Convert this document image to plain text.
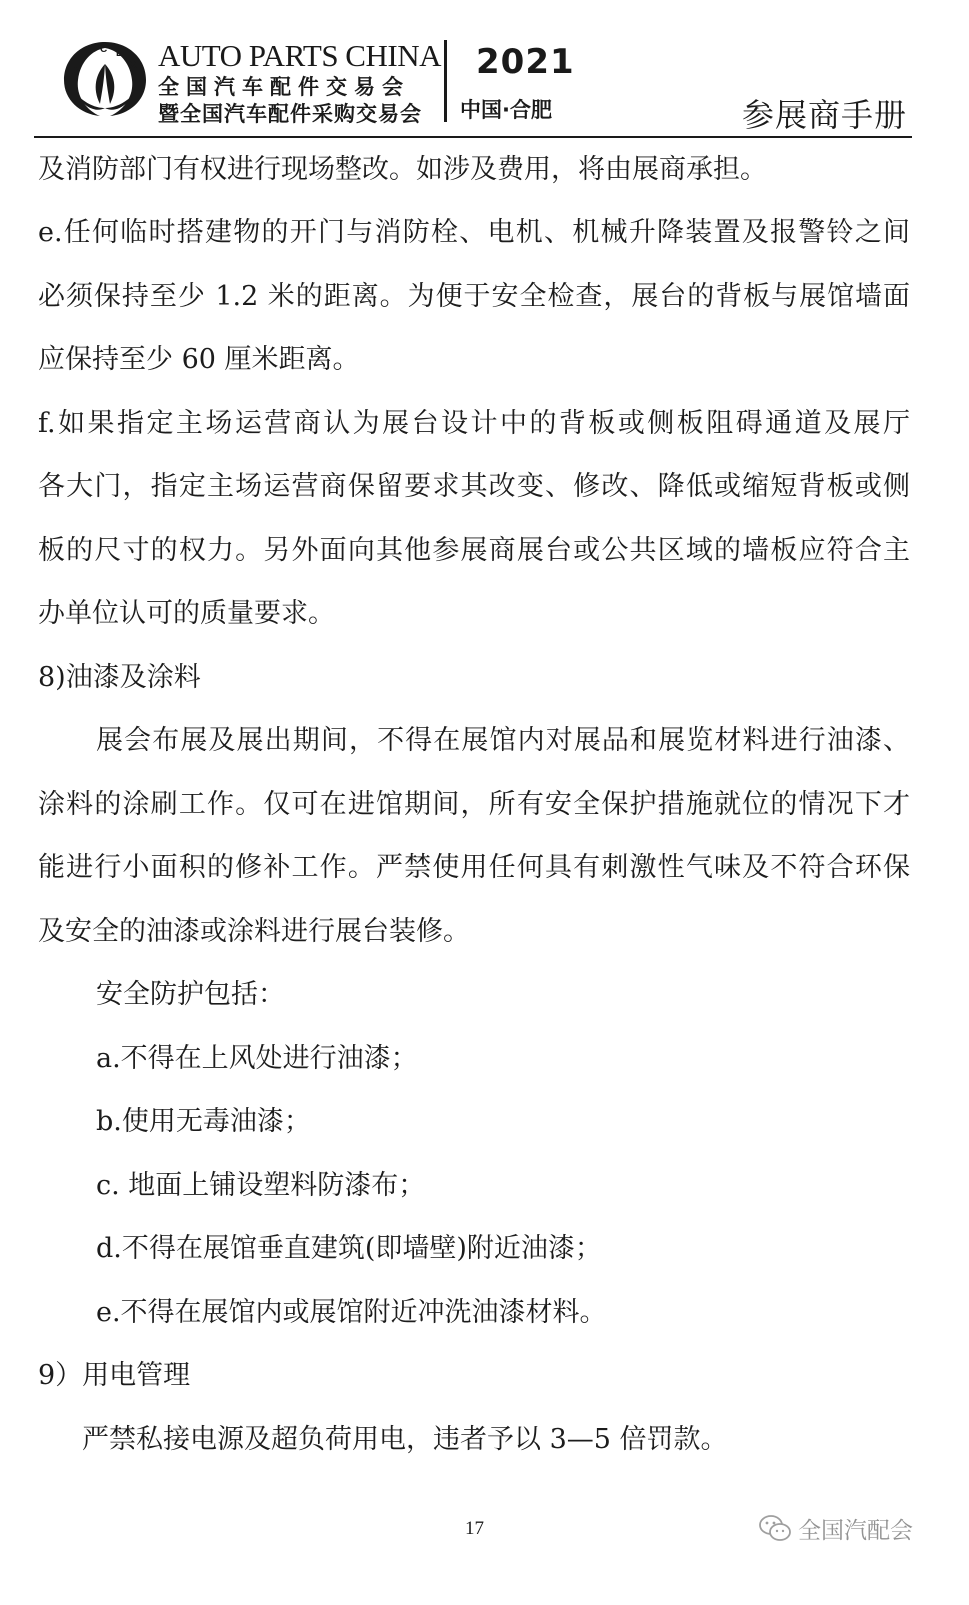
A
P
C E
X AUTO PARTS CHINA
全国汽车配件交易会
暨全国汽车配件采购交易会
2021
中国·合肥	参展商手册
及消防部门有权进行现场整改。如涉及费用，将由展商承担。
e.任何临时搭建物的开门与消防栓、电机、机械升降装置及报警铃之间
必须保持至少 1.2 米的距离。为便于安全检查，展台的背板与展馆墙面
应保持至少 60 厘米距离。
f.如果指定主场运营商认为展台设计中的背板或侧板阻碍通道及展厅
各大门，指定主场运营商保留要求其改变、修改、降低或缩短背板或侧
板的尺寸的权力。另外面向其他参展商展台或公共区域的墙板应符合主
办单位认可的质量要求。
8)油漆及涂料
展会布展及展出期间，不得在展馆内对展品和展览材料进行油漆、
涂料的涂刷工作。仅可在进馆期间，所有安全保护措施就位的情况下才
能进行小面积的修补工作。严禁使用任何具有刺激性气味及不符合环保
及安全的油漆或涂料进行展台装修。
安全防护包括：
a.不得在上风处进行油漆；
b.使用无毒油漆；
c. 地面上铺设塑料防漆布；
d.不得在展馆垂直建筑(即墙壁)附近油漆；
e.不得在展馆内或展馆附近冲洗油漆材料。
9）用电管理
严禁私接电源及超负荷用电，违者予以 3—5 倍罚款。
17	全国汽配会
